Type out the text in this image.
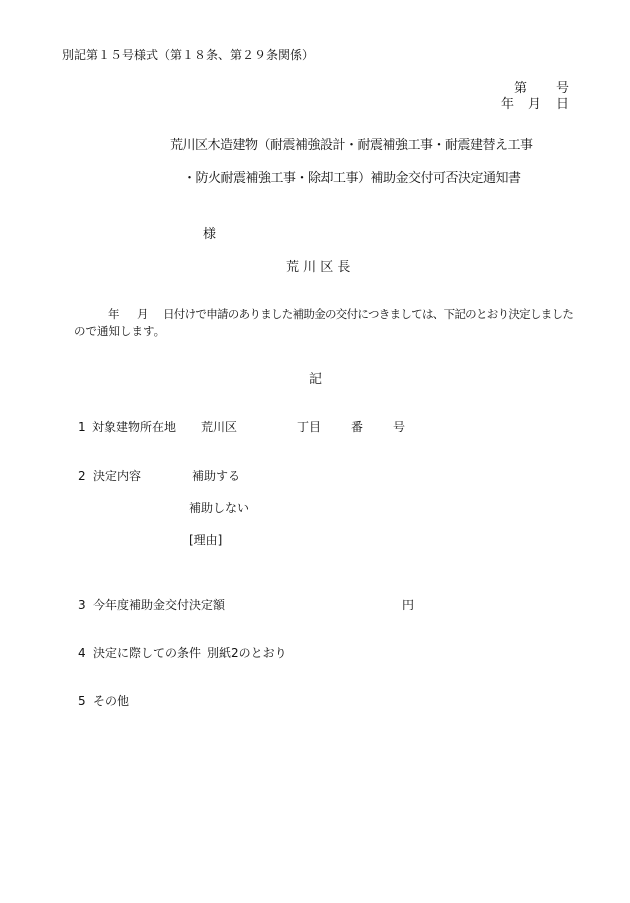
別記第１５号様式（第１８条、第２９条関係）
第 号
年 月 日
荒川区木造建物（耐震補強設計・耐震補強工事・耐震建替え工事
・防火耐震補強工事・除却工事）補助金交付可否決定通知書
様
荒 川 区 長
年 月 日付けで申請のありました補助金の交付につきましては、下記のとおり決定しました
ので通知します。
記
1 対象建物所在地 荒川区	丁目 番 号
2 決定内容	補助する
補助しない
[理由]
3 今年度補助金交付決定額	円
4 決定に際しての条件 別紙2のとおり
5 その他
